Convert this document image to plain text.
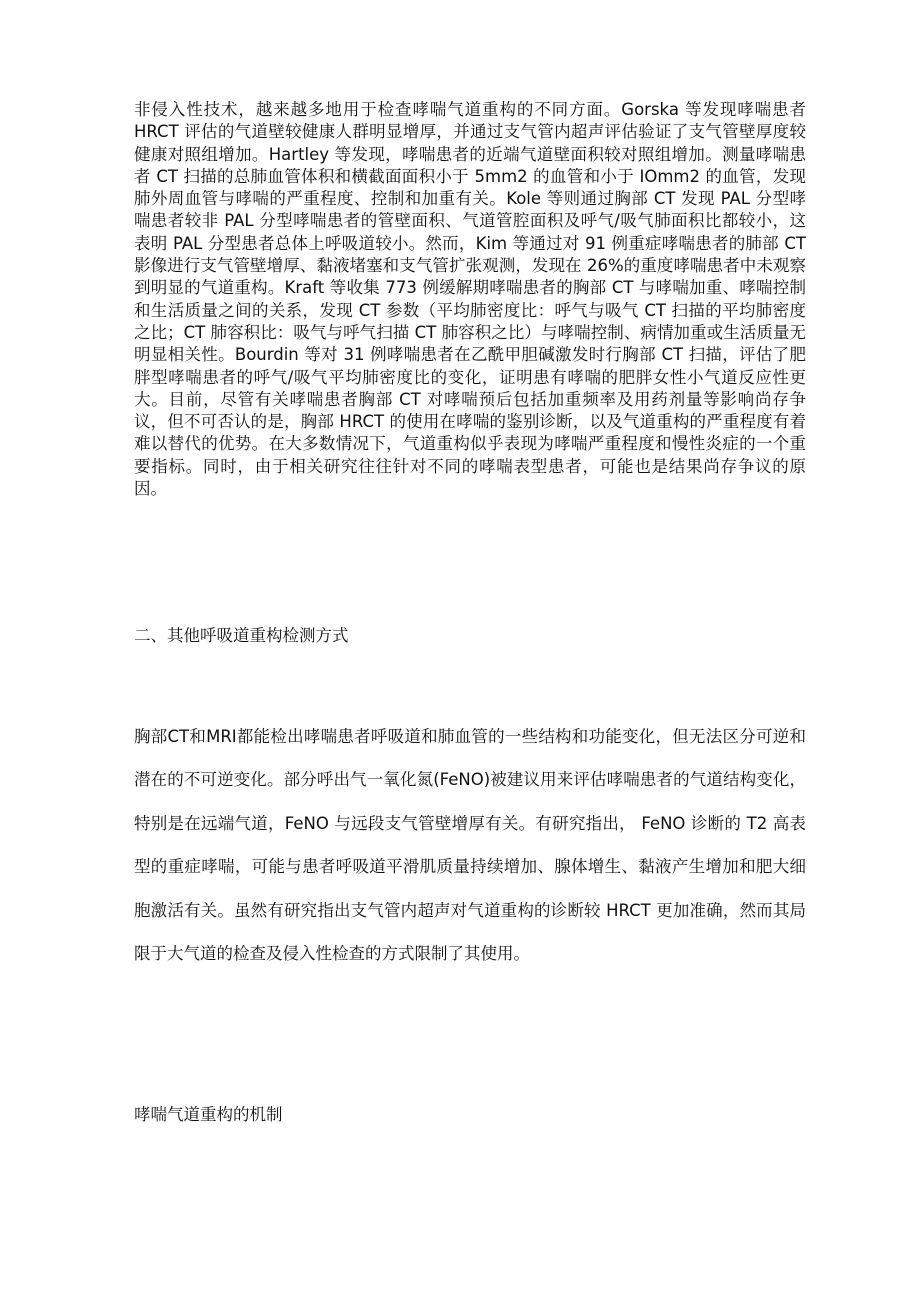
非侵入性技术，越来越多地用于检查哮喘气道重构的不同方面。Gorska 等发现哮喘患者 HRCT 评估的气道壁较健康人群明显增厚，并通过支气管内超声评估验证了支气管壁厚度较健康对照组增加。Hartley 等发现，哮喘患者的近端气道壁面积较对照组增加。测量哮喘患者 CT 扫描的总肺血管体积和横截面面积小于 5mm2 的血管和小于 IOmm2 的血管，发现肺外周血管与哮喘的严重程度、控制和加重有关。Kole 等则通过胸部 CT 发现 PAL 分型哮喘患者较非 PAL 分型哮喘患者的管壁面积、气道管腔面积及呼气/吸气肺面积比都较小，这表明 PAL 分型患者总体上呼吸道较小。然而，Kim 等通过对 91 例重症哮喘患者的肺部 CT 影像进行支气管壁增厚、黏液堵塞和支气管扩张观测，发现在 26%的重度哮喘患者中未观察到明显的气道重构。Kraft 等收集 773 例缓解期哮喘患者的胸部 CT 与哮喘加重、哮喘控制和生活质量之间的关系，发现 CT 参数（平均肺密度比：呼气与吸气 CT 扫描的平均肺密度之比；CT 肺容积比：吸气与呼气扫描 CT 肺容积之比）与哮喘控制、病情加重或生活质量无明显相关性。Bourdin 等对 31 例哮喘患者在乙酰甲胆碱激发时行胸部 CT 扫描，评估了肥胖型哮喘患者的呼气/吸气平均肺密度比的变化，证明患有哮喘的肥胖女性小气道反应性更大。目前，尽管有关哮喘患者胸部 CT 对哮喘预后包括加重频率及用药剂量等影响尚存争议，但不可否认的是，胸部 HRCT 的使用在哮喘的鉴别诊断，以及气道重构的严重程度有着难以替代的优势。在大多数情况下，气道重构似乎表现为哮喘严重程度和慢性炎症的一个重要指标。同时，由于相关研究往往针对不同的哮喘表型患者，可能也是结果尚存争议的原因。

二、其他呼吸道重构检测方式

胸部CT和MRI都能检出哮喘患者呼吸道和肺血管的一些结构和功能变化，但无法区分可逆和潜在的不可逆变化。部分呼出气一氧化氮(FeNO)被建议用来评估哮喘患者的气道结构变化，特别是在远端气道，FeNO 与远段支气管壁增厚有关。有研究指出， FeNO 诊断的 T2 高表型的重症哮喘，可能与患者呼吸道平滑肌质量持续增加、腺体增生、黏液产生增加和肥大细胞激活有关。虽然有研究指出支气管内超声对气道重构的诊断较 HRCT 更加准确，然而其局限于大气道的检查及侵入性检查的方式限制了其使用。

哮喘气道重构的机制
